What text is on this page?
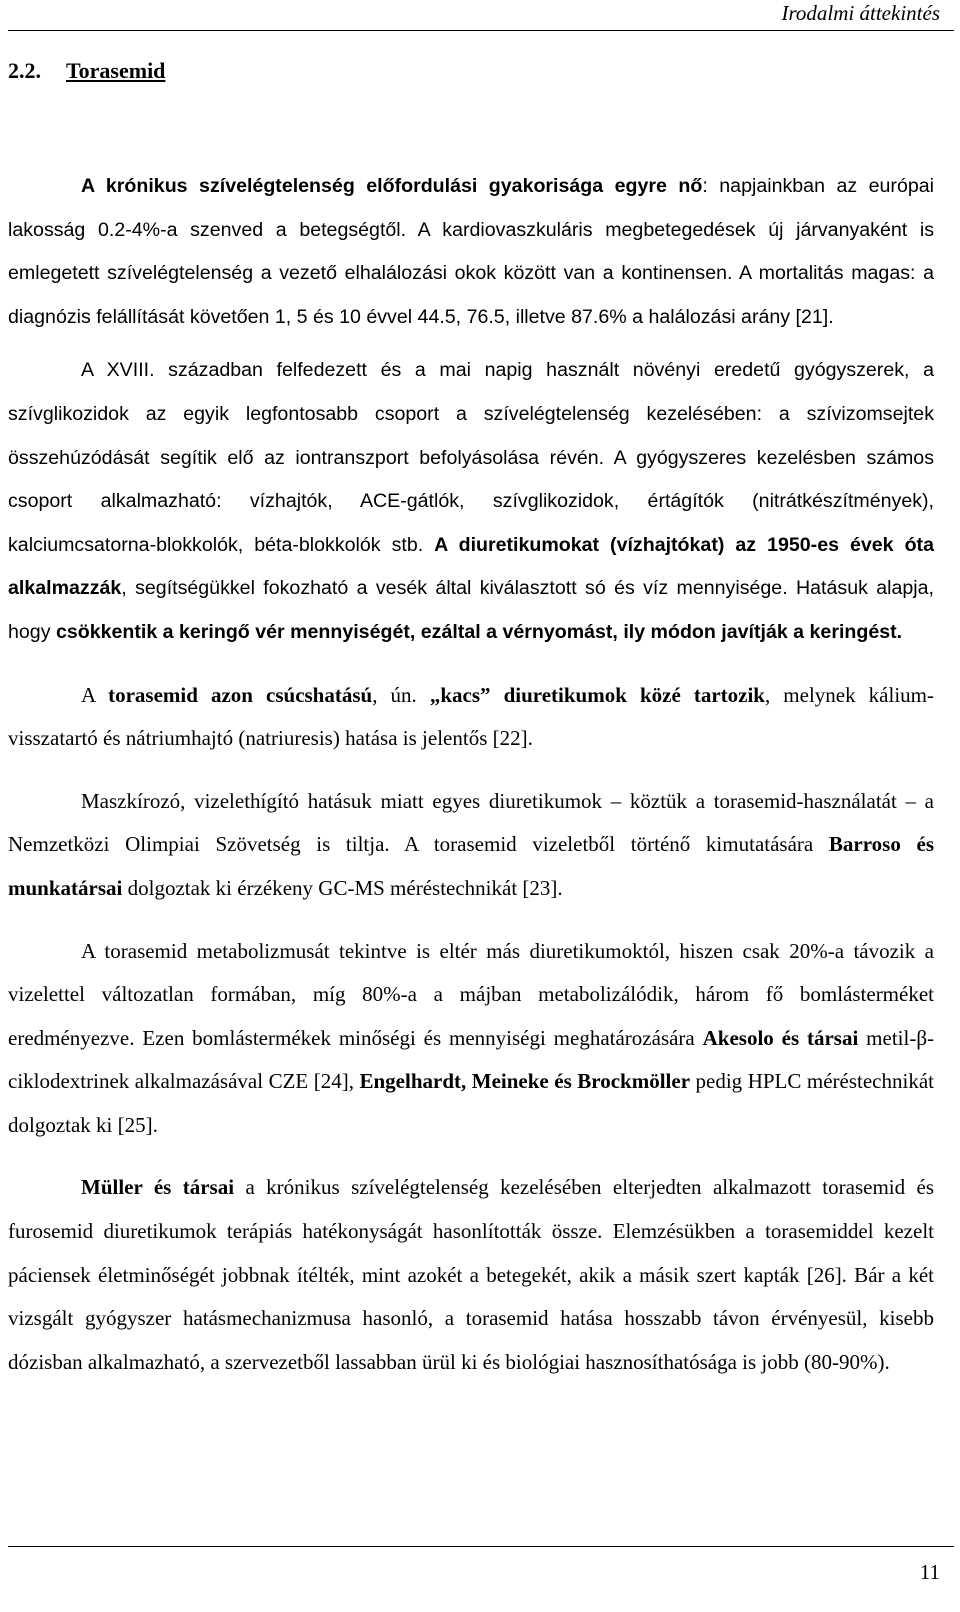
Irodalmi áttekintés
2.2. Torasemid

A krónikus szívelégtelenség előfordulási gyakorisága egyre nő: napjainkban az európai lakosság 0.2-4%-a szenved a betegségtől. A kardiovaszkuláris megbetegedések új járvanyaként is emlegetett szívelégtelenség a vezető elhalálozási okok között van a kontinensen. A mortalitás magas: a diagnózis felállítását követően 1, 5 és 10 évvel 44.5, 76.5, illetve 87.6% a halálozási arány [21].

A XVIII. században felfedezett és a mai napig használt növényi eredetű gyógyszerek, a szívglikozidok az egyik legfontosabb csoport a szívelégtelenség kezelésében: a szívizomsejtek összehúzódását segítik elő az iontranszport befolyásolása révén. A gyógyszeres kezelésben számos csoport alkalmazható: vízhajtók, ACE-gátlók, szívglikozidok, értágítók (nitrátkészítmények), kalciumcsatorna-blokkolók, béta-blokkolók stb. A diuretikumokat (vízhajtókat) az 1950-es évek óta alkalmazzák, segítségükkel fokozható a vesék által kiválasztott só és víz mennyisége. Hatásuk alapja, hogy csökkentik a keringő vér mennyiségét, ezáltal a vérnyomást, ily módon javítják a keringést.

A torasemid azon csúcshatású, ún. „kacs” diuretikumok közé tartozik, melynek kálium-visszatartó és nátriumhajtó (natriuresis) hatása is jelentős [22].

Maszkírozó, vizelethígító hatásuk miatt egyes diuretikumok – köztük a torasemid-használatát – a Nemzetközi Olimpiai Szövetség is tiltja. A torasemid vizeletből történő kimutatására Barroso és munkatársai dolgoztak ki érzékeny GC-MS méréstechnikát [23].

A torasemid metabolizmusát tekintve is eltér más diuretikumoktól, hiszen csak 20%-a távozik a vizelettel változatlan formában, míg 80%-a a májban metabolizálódik, három fő bomlásterméket eredményezve. Ezen bomlástermékek minőségi és mennyiségi meghatározására Akesolo és társai metil-β-ciklodextrinek alkalmazásával CZE [24], Engelhardt, Meineke és Brockmöller pedig HPLC méréstechnikát dolgoztak ki [25].

Müller és társai a krónikus szívelégtelenség kezelésében elterjedten alkalmazott torasemid és furosemid diuretikumok terápiás hatékonyságát hasonlították össze. Elemzésükben a torasemiddel kezelt páciensek életminőségét jobbnak ítélték, mint azokét a betegekét, akik a másik szert kapták [26]. Bár a két vizsgált gyógyszer hatásmechanizmusa hasonló, a torasemid hatása hosszabb távon érvényesül, kisebb dózisban alkalmazható, a szervezetből lassabban ürül ki és biológiai hasznosíthatósága is jobb (80-90%).

11
